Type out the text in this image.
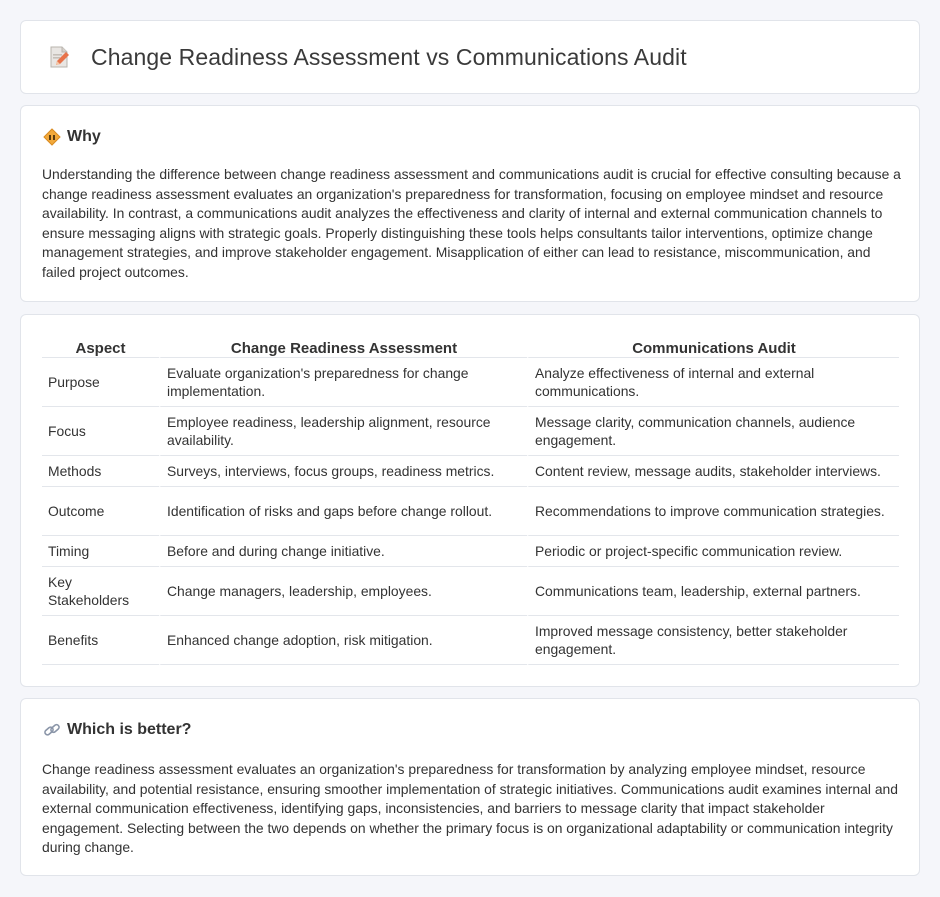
Change Readiness Assessment vs Communications Audit
Why

Understanding the difference between change readiness assessment and communications audit is crucial for effective consulting because a change readiness assessment evaluates an organization's preparedness for transformation, focusing on employee mindset and resource availability. In contrast, a communications audit analyzes the effectiveness and clarity of internal and external communication channels to ensure messaging aligns with strategic goals. Properly distinguishing these tools helps consultants tailor interventions, optimize change management strategies, and improve stakeholder engagement. Misapplication of either can lead to resistance, miscommunication, and failed project outcomes.

Aspect	Change Readiness Assessment	Communications Audit
Purpose	Evaluate organization's preparedness for change implementation.	Analyze effectiveness of internal and external communications.
Focus	Employee readiness, leadership alignment, resource availability.	Message clarity, communication channels, audience engagement.
Methods	Surveys, interviews, focus groups, readiness metrics.	Content review, message audits, stakeholder interviews.
Outcome	Identification of risks and gaps before change rollout.	Recommendations to improve communication strategies.
Timing	Before and during change initiative.	Periodic or project-specific communication review.
Key Stakeholders	Change managers, leadership, employees.	Communications team, leadership, external partners.
Benefits	Enhanced change adoption, risk mitigation.	Improved message consistency, better stakeholder engagement.
Which is better?

Change readiness assessment evaluates an organization's preparedness for transformation by analyzing employee mindset, resource availability, and potential resistance, ensuring smoother implementation of strategic initiatives. Communications audit examines internal and external communication effectiveness, identifying gaps, inconsistencies, and barriers to message clarity that impact stakeholder engagement. Selecting between the two depends on whether the primary focus is on organizational adaptability or communication integrity during change.
